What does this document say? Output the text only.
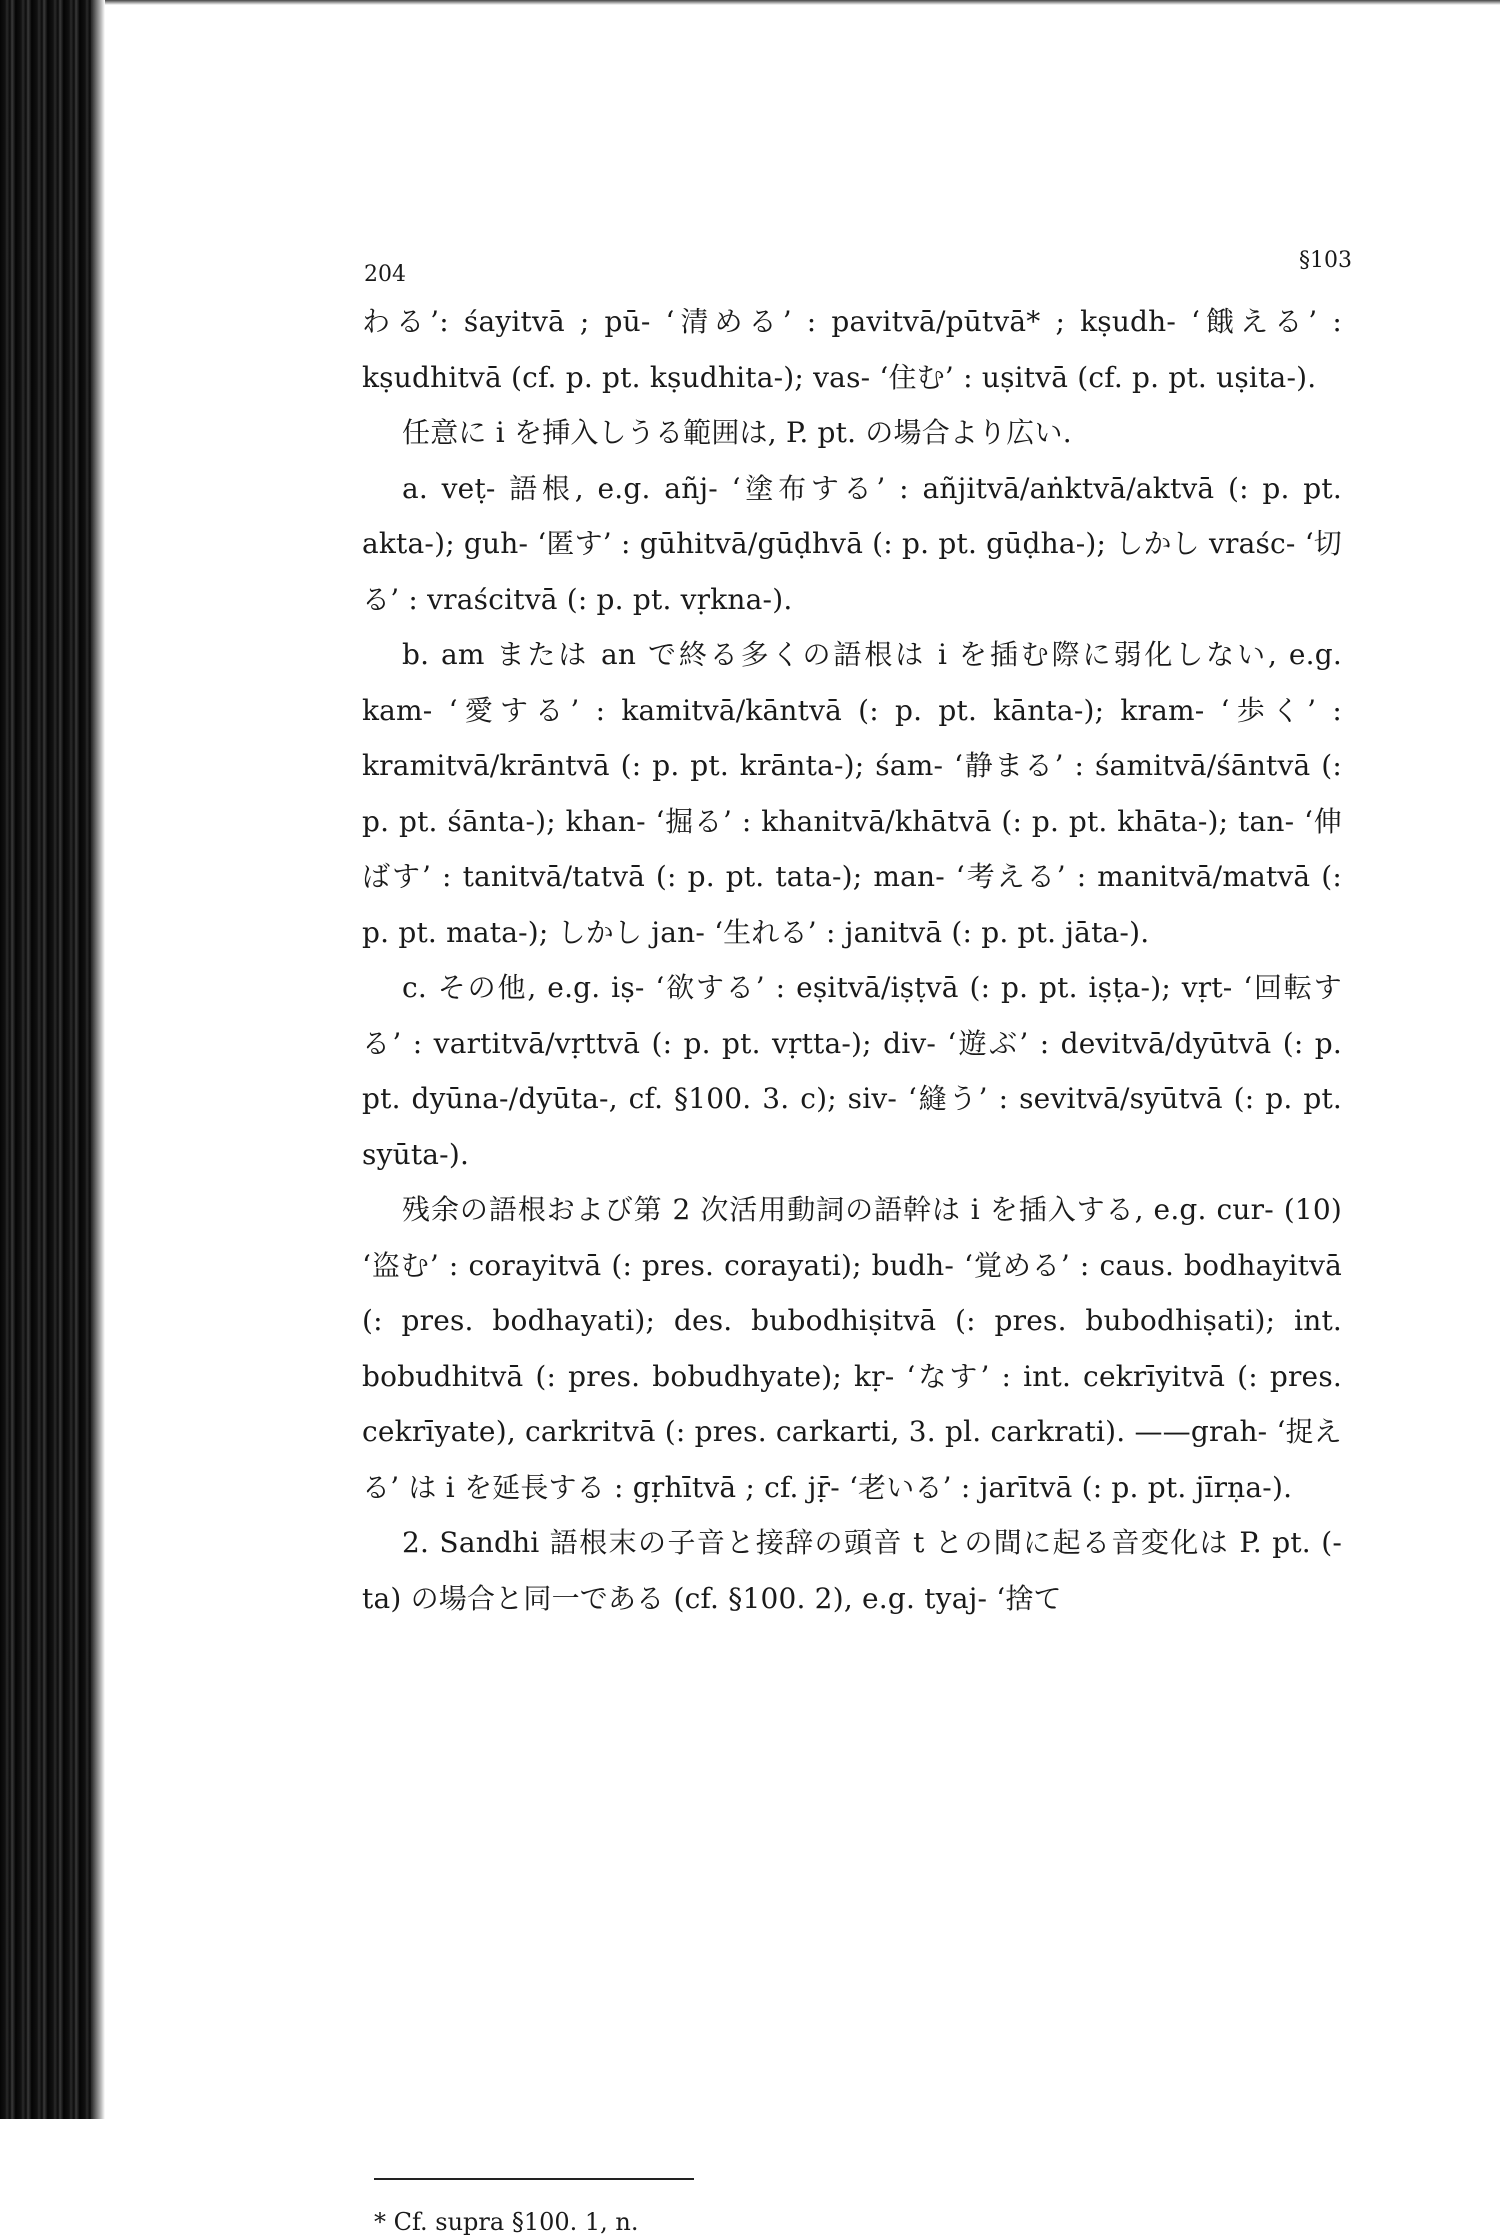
204
§103

わる’: śayitvā ; pū- ‘清める’ : pavitvā/pūtvā* ; kṣudh- ‘餓える’ : kṣudhitvā (cf. p. pt. kṣudhita-); vas- ‘住む’ : uṣitvā (cf. p. pt. uṣita-).

任意に i を挿入しうる範囲は, P. pt. の場合より広い.

a. veṭ- 語根, e.g. añj- ‘塗布する’ : añjitvā/aṅktvā/aktvā (: p. pt. akta-); guh- ‘匿す’ : gūhitvā/gūḍhvā (: p. pt. gūḍha-); しかし vraśc- ‘切る’ : vraścitvā (: p. pt. vṛkna-).

b. am または an で終る多くの語根は i を插む際に弱化しない, e.g. kam- ‘愛する’ : kamitvā/kāntvā (: p. pt. kānta-); kram- ‘歩く’ : kramitvā/krāntvā (: p. pt. krānta-); śam- ‘静まる’ : śamitvā/śāntvā (: p. pt. śānta-); khan- ‘掘る’ : khanitvā/khātvā (: p. pt. khāta-); tan- ‘伸ばす’ : tanitvā/tatvā (: p. pt. tata-); man- ‘考える’ : manitvā/matvā (: p. pt. mata-); しかし jan- ‘生れる’ : janitvā (: p. pt. jāta-).

c. その他, e.g. iṣ- ‘欲する’ : eṣitvā/iṣṭvā (: p. pt. iṣṭa-); vṛt- ‘回転する’ : vartitvā/vṛttvā (: p. pt. vṛtta-); div- ‘遊ぶ’ : devitvā/dyūtvā (: p. pt. dyūna-/dyūta-, cf. §100. 3. c); siv- ‘縫う’ : sevitvā/syūtvā (: p. pt. syūta-).

残余の語根および第 2 次活用動詞の語幹は i を插入する, e.g. cur- (10) ‘盗む’ : corayitvā (: pres. corayati); budh- ‘覚める’ : caus. bodhayitvā (: pres. bodhayati); des. bubodhiṣitvā (: pres. bubodhiṣati); int. bobudhitvā (: pres. bobudhyate); kṛ- ‘なす’ : int. cekrīyitvā (: pres. cekrīyate), carkritvā (: pres. carkarti, 3. pl. carkrati). ——grah- ‘捉える’ は i を延長する : gṛhītvā ; cf. jṝ- ‘老いる’ : jarītvā (: p. pt. jīrṇa-).

2. Sandhi 語根末の子音と接辞の頭音 t との間に起る音変化は P. pt. (-ta) の場合と同一である (cf. §100. 2), e.g. tyaj- ‘捨て

* Cf. supra §100. 1, n.
